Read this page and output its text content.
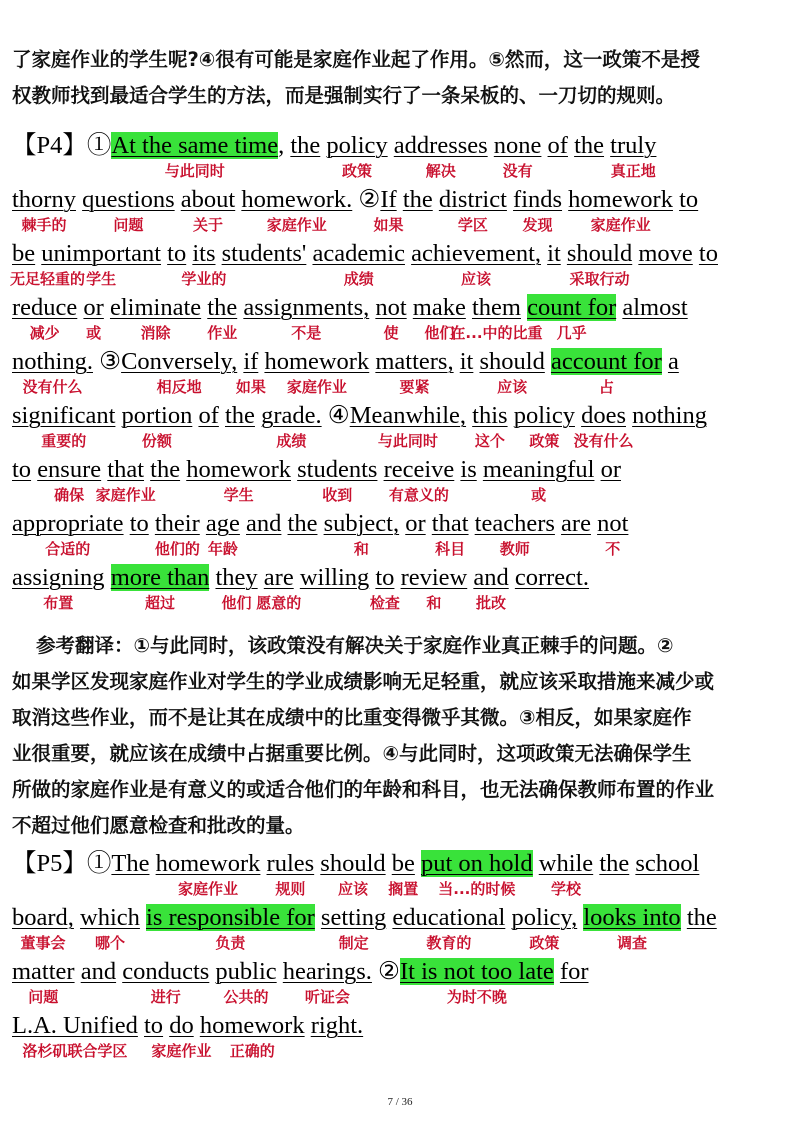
了家庭作业的学生呢?④很有可能是家庭作业起了作用。⑤然而，这一政策不是授
权教师找到最适合学生的方法，而是强制实行了一条呆板的、一刀切的规则。
【P4】①At the same time, the policy addresses none of the truly
thorny questions about homework. ②If the district finds homework to
be unimportant to its students' academic achievement, it should move to
reduce or eliminate the assignments, not make them count for almost
nothing. ③Conversely, if homework matters, it should account for a
significant portion of the grade. ④Meanwhile, this policy does nothing
to ensure that the homework students receive is meaningful or
appropriate to their age and the subject, or that teachers are not
assigning more than they are willing to review and correct.
与此同时	政策	解决	没有	真正地
棘手的	问题	关于	家庭作业	如果	学区 发现	家庭作业
无足轻重的 学生	学业的	成绩	应该	采取行动
减少 或	消除 作业	不是	使 他们
在...中的比重 几乎
没有什么	相反地 如果 家庭作业	要紧	应该	占
重要的	份额	成绩	与此同时 这个 政策 没有什么
确保 家庭作业	学生	收到 有意义的	或
合适的	他们的 年龄	和	科目 教师	不
布置	超过	他们 愿意的	检查 和 批改
参考翻译：①与此同时，该政策没有解决关于家庭作业真正棘手的问题。②
如果学区发现家庭作业对学生的学业成绩影响无足轻重，就应该采取措施来减少或
取消这些作业，而不是让其在成绩中的比重变得微乎其微。③相反，如果家庭作
业很重要，就应该在成绩中占据重要比例。④与此同时，这项政策无法确保学生
所做的家庭作业是有意义的或适合他们的年龄和科目，也无法确保教师布置的作业
不超过他们愿意检查和批改的量。
【P5】①The homework rules should be put on hold while the school
board, which is responsible for setting educational policy, looks into the
matter and conducts public hearings. ②It is not too late for
L.A. Unified to do homework right.
家庭作业 规则 应该 搁置 当...的时候 学校
董事会 哪个	负责	制定	教育的	政策	调查
问题	进行	公共的 听证会	为时不晚
洛杉矶联合学区 家庭作业 正确的
7 / 36
